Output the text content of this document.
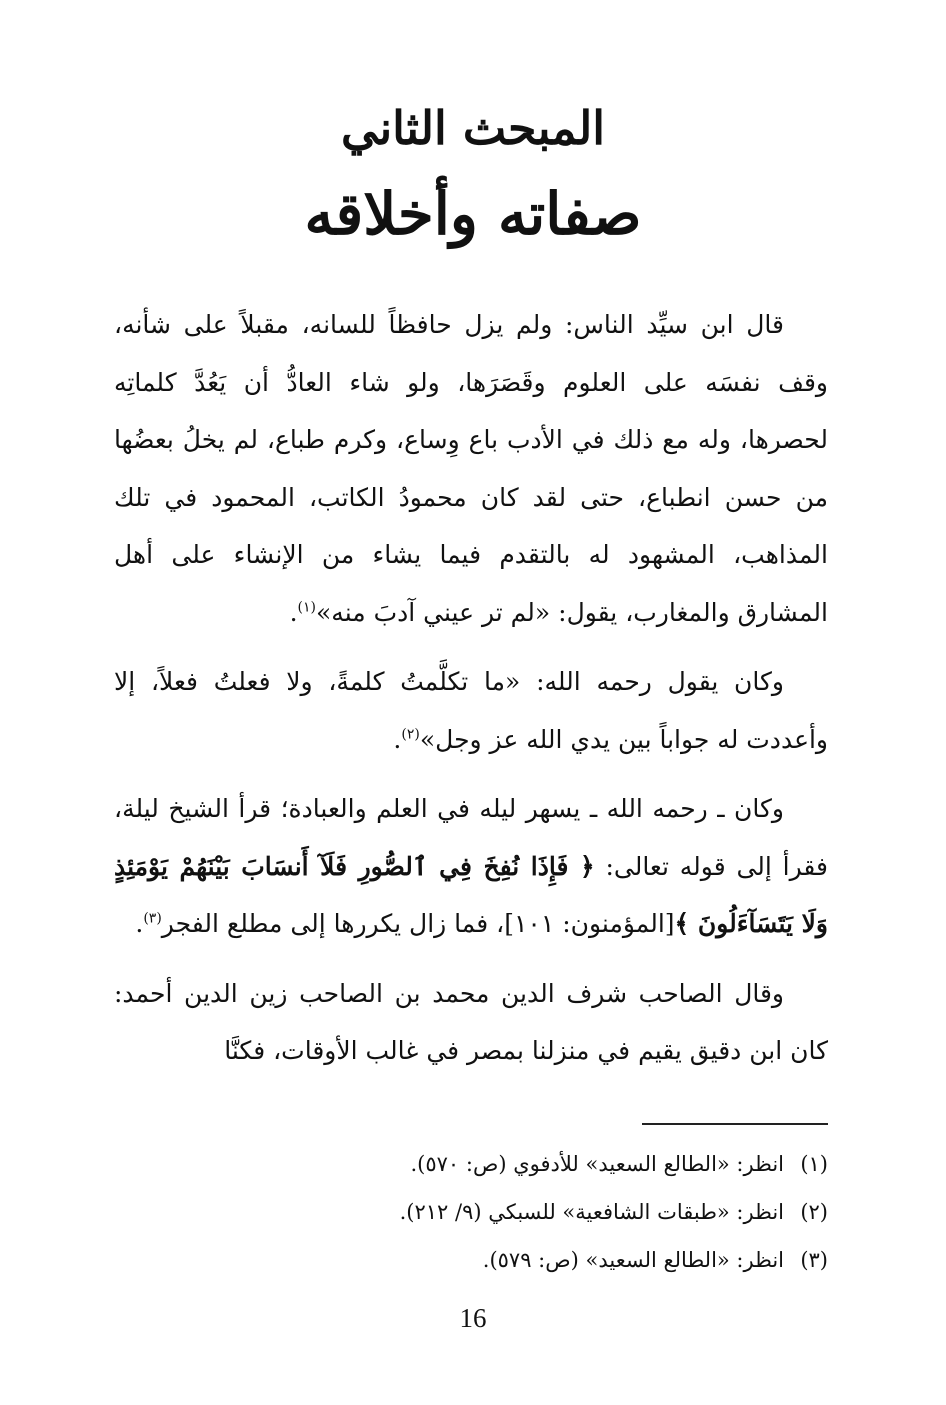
المبحث الثاني
صفاته وأخلاقه

قال ابن سيِّد الناس: ولم يزل حافظاً للسانه، مقبلاً على شأنه، وقف نفسَه على العلوم وقَصَرَها، ولو شاء العادُّ أن يَعُدَّ كلماتِه لحصرها، وله مع ذلك في الأدب باع وِساع، وكرم طباع، لم يخلُ بعضُها من حسن انطباع، حتى لقد كان محمودُ الكاتب، المحمود في تلك المذاهب، المشهود له بالتقدم فيما يشاء من الإنشاء على أهل المشارق والمغارب، يقول: «لم تر عيني آدبَ منه»$^{(١)}$.

وكان يقول رحمه الله: «ما تكلَّمتُ كلمةً، ولا فعلتُ فعلاً، إلا وأعددت له جواباً بين يدي الله عز وجل»$^{(٢)}$.

وكان ـ رحمه الله ـ يسهر ليله في العلم والعبادة؛ قرأ الشيخ ليلة، فقرأ إلى قوله تعالى: ﴿ فَإِذَا نُفِخَ فِي ٱلصُّورِ فَلَآ أَنسَابَ بَيْنَهُمْ يَوْمَئِذٍ وَلَا يَتَسَآءَلُونَ ﴾[المؤمنون: ١٠١]، فما زال يكررها إلى مطلع الفجر$^{(٣)}$.

وقال الصاحب شرف الدين محمد بن الصاحب زين الدين أحمد: كان ابن دقيق يقيم في منزلنا بمصر في غالب الأوقات، فكنَّا

(١)انظر: «الطالع السعيد» للأدفوي (ص: ٥٧٠).
(٢)انظر: «طبقات الشافعية» للسبكي (٩/ ٢١٢).
(٣)انظر: «الطالع السعيد» (ص: ٥٧٩).
16
